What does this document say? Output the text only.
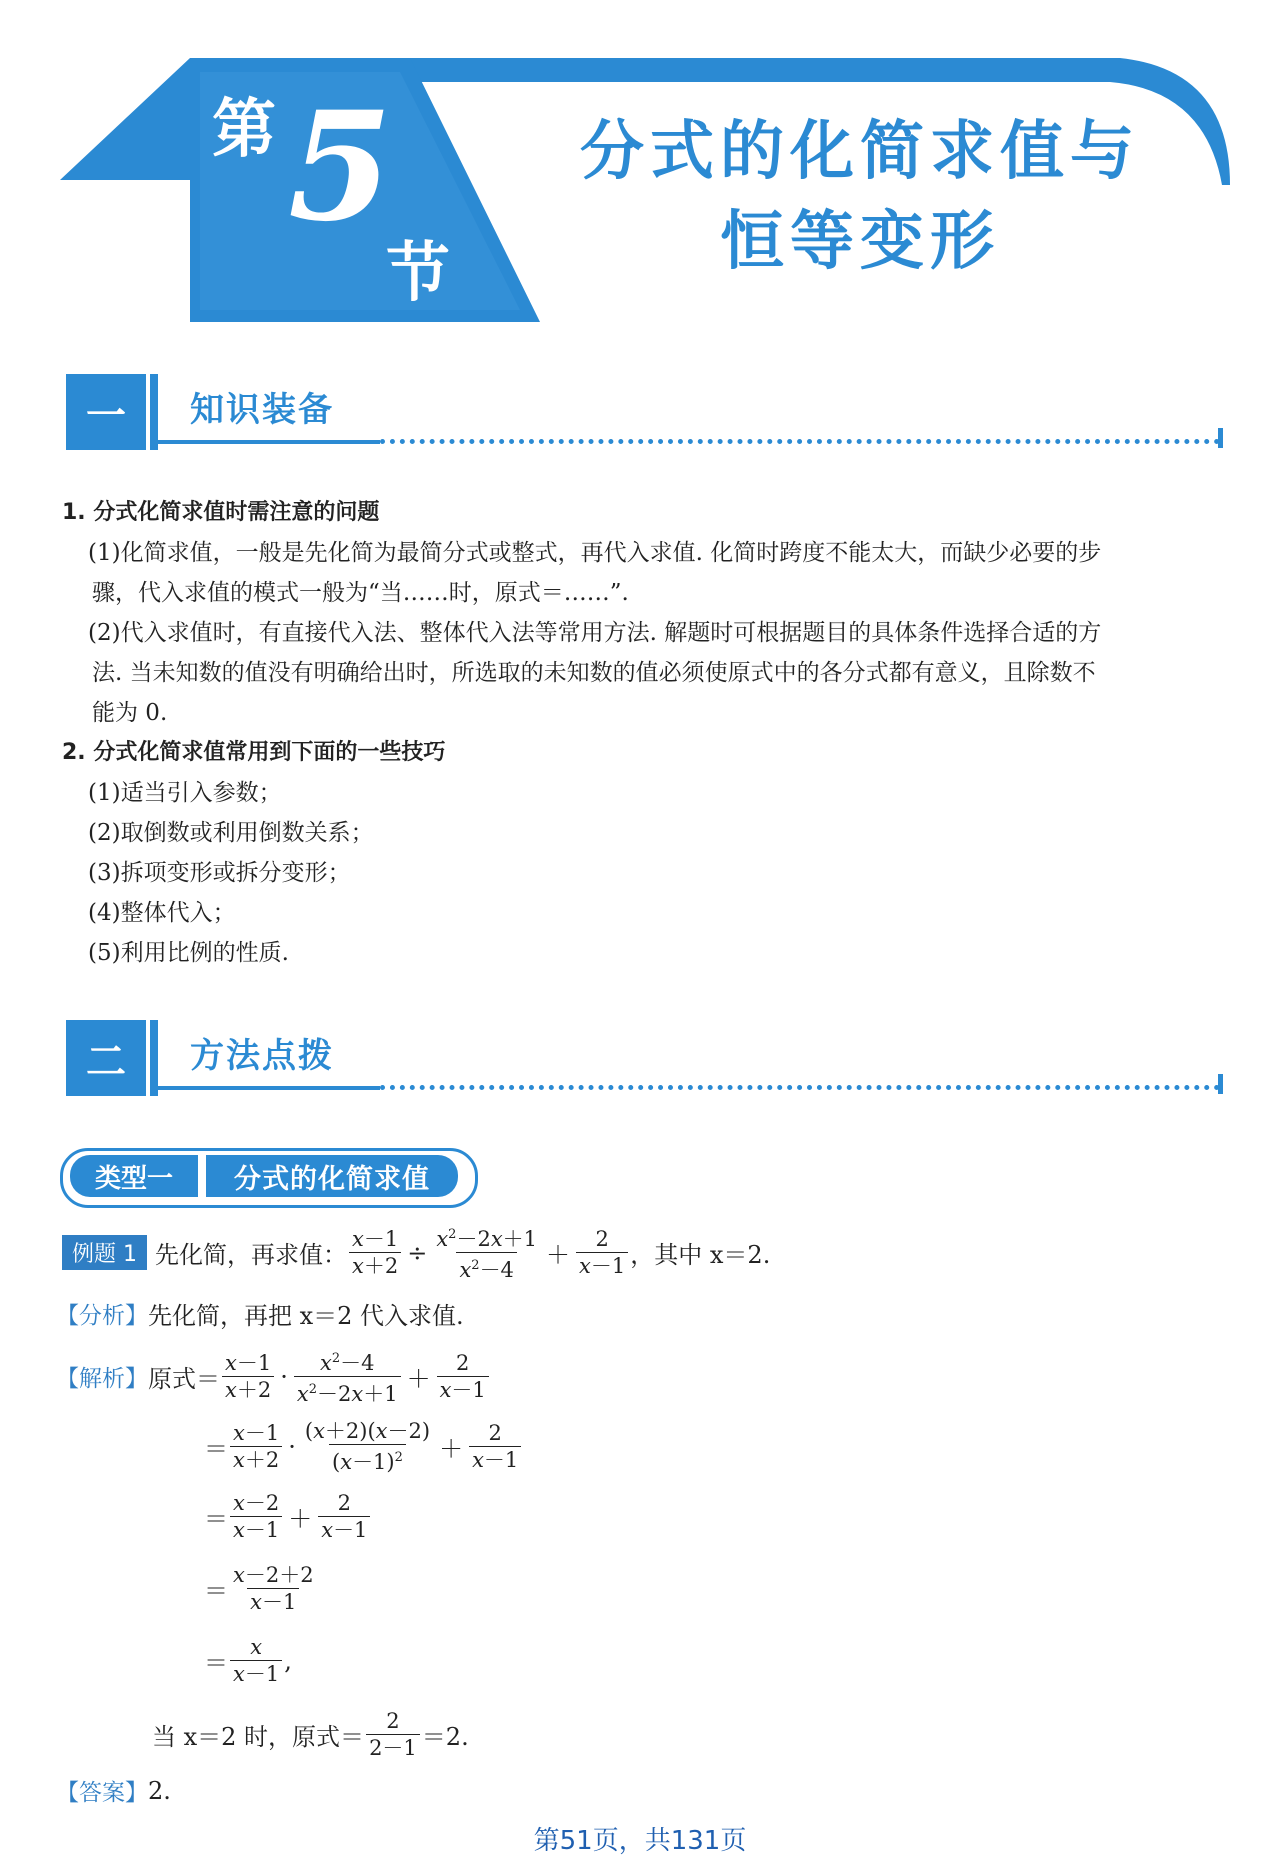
第 5
节
分式的化简求值与
恒等变形
一	知识装备
1. 分式化简求值时需注意的问题
(1)化简求值，一般是先化简为最简分式或整式，再代入求值. 化简时跨度不能太大，而缺少必要的步
骤，代入求值的模式一般为“当……时，原式＝……”.
(2)代入求值时，有直接代入法、整体代入法等常用方法. 解题时可根据题目的具体条件选择合适的方
法. 当未知数的值没有明确给出时，所选取的未知数的值必须使原式中的各分式都有意义，且除数不
能为 0.
2. 分式化简求值常用到下面的一些技巧
(1)适当引入参数；
(2)取倒数或利用倒数关系；
(3)拆项变形或拆分变形；
(4)整体代入；
(5)利用比例的性质.
二	方法点拨
类型一	分式的化简求值
例题 1 先化简，再求值： $\frac{x-1}{x+2} \div \frac{x^2-2x+1}{x^2-4} + \frac{2}{x-1}$ ，其中 x＝2.
【分析】 先化简，再把 x＝2 代入求值.
【解析】 原式＝ $\frac{x-1}{x+2} \cdot \frac{x^2-4}{x^2-2x+1} + \frac{2}{x-1}$
＝ $\frac{x-1}{x+2} \cdot \frac{(x+2)(x-2)}{(x-1)^2} + \frac{2}{x-1}$
＝ $\frac{x-2}{x-1} + \frac{2}{x-1}$
＝ $\frac{x-2+2}{x-1}$
＝ $\frac{x}{x-1}$ ,
当 x＝2 时，原式＝ $\frac{2}{2-1} =2$.
【答案】 2.
第51页，共131页
